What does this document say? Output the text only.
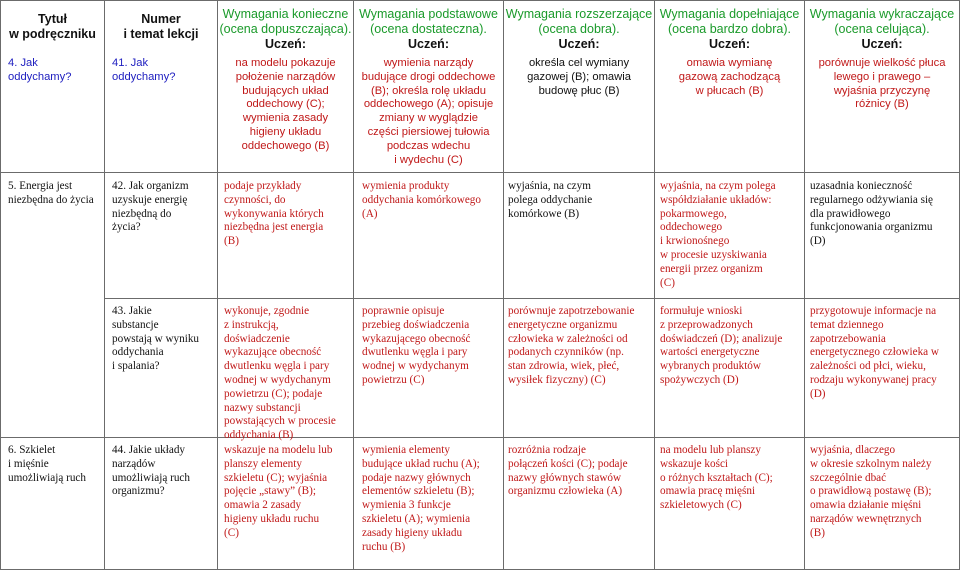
Tytuł
w podręczniku
Numer
i temat lekcji
Wymagania konieczne
(ocena dopuszczająca).
Uczeń:
Wymagania podstawowe
(ocena dostateczna).
Uczeń:
Wymagania rozszerzające
(ocena dobra).
Uczeń:
Wymagania dopełniające
(ocena bardzo dobra).
Uczeń:
Wymagania wykraczające
(ocena celująca).
Uczeń:
4. Jak oddychamy?
41. Jak
oddychamy?
na modelu pokazuje
położenie narządów
budujących układ
oddechowy (C);
wymienia zasady
higieny układu
oddechowego (B)
wymienia narządy
budujące drogi oddechowe
(B); określa rolę układu
oddechowego (A); opisuje
zmiany w wyglądzie
części piersiowej tułowia
podczas wdechu
i wydechu (C)
określa cel wymiany
gazowej (B); omawia
budowę płuc (B)
omawia wymianę
gazową zachodzącą
w płucach (B)
porównuje wielkość płuca
lewego i prawego –
wyjaśnia przyczynę
różnicy (B)
5. Energia jest
niezbędna do życia
42. Jak organizm
uzyskuje energię
niezbędną do
życia?
podaje przykłady
czynności, do
wykonywania których
niezbędna jest energia
(B)
wymienia produkty
oddychania komórkowego
(A)
wyjaśnia, na czym
polega oddychanie
komórkowe (B)
wyjaśnia, na czym polega
współdziałanie układów:
pokarmowego,
oddechowego
i krwionośnego
w procesie uzyskiwania
energii przez organizm
(C)
uzasadnia konieczność
regularnego odżywiania się
dla prawidłowego
funkcjonowania organizmu
(D)
43. Jakie
substancje
powstają w wyniku
oddychania
i spalania?
wykonuje, zgodnie
z instrukcją,
doświadczenie
wykazujące obecność
dwutlenku węgla i pary
wodnej w wydychanym
powietrzu (C); podaje
nazwy substancji
powstających w procesie
oddychania (B)
poprawnie opisuje
przebieg doświadczenia
wykazującego obecność
dwutlenku węgla i pary
wodnej w wydychanym
powietrzu (C)
porównuje zapotrzebowanie
energetyczne organizmu
człowieka w zależności od
podanych czynników (np.
stan zdrowia, wiek, płeć,
wysiłek fizyczny) (C)
formułuje wnioski
z przeprowadzonych
doświadczeń (D); analizuje
wartości energetyczne
wybranych produktów
spożywczych (D)
przygotowuje informacje na
temat dziennego
zapotrzebowania
energetycznego człowieka w
zależności od płci, wieku,
rodzaju wykonywanej pracy
(D)
6. Szkielet
i mięśnie
umożliwiają ruch
44. Jakie układy
narządów
umożliwiają ruch
organizmu?
wskazuje na modelu lub
planszy elementy
szkieletu (C); wyjaśnia
pojęcie „stawy” (B);
omawia 2 zasady
higieny układu ruchu
(C)
wymienia elementy
budujące układ ruchu (A);
podaje nazwy głównych
elementów szkieletu (B);
wymienia 3 funkcje
szkieletu (A); wymienia
zasady higieny układu
ruchu (B)
rozróżnia rodzaje
połączeń kości (C); podaje
nazwy głównych stawów
organizmu człowieka (A)
na modelu lub planszy
wskazuje kości
o różnych kształtach (C);
omawia pracę mięśni
szkieletowych (C)
wyjaśnia, dlaczego
w okresie szkolnym należy
szczególnie dbać
o prawidłową postawę (B);
omawia działanie mięśni
narządów wewnętrznych
(B)
